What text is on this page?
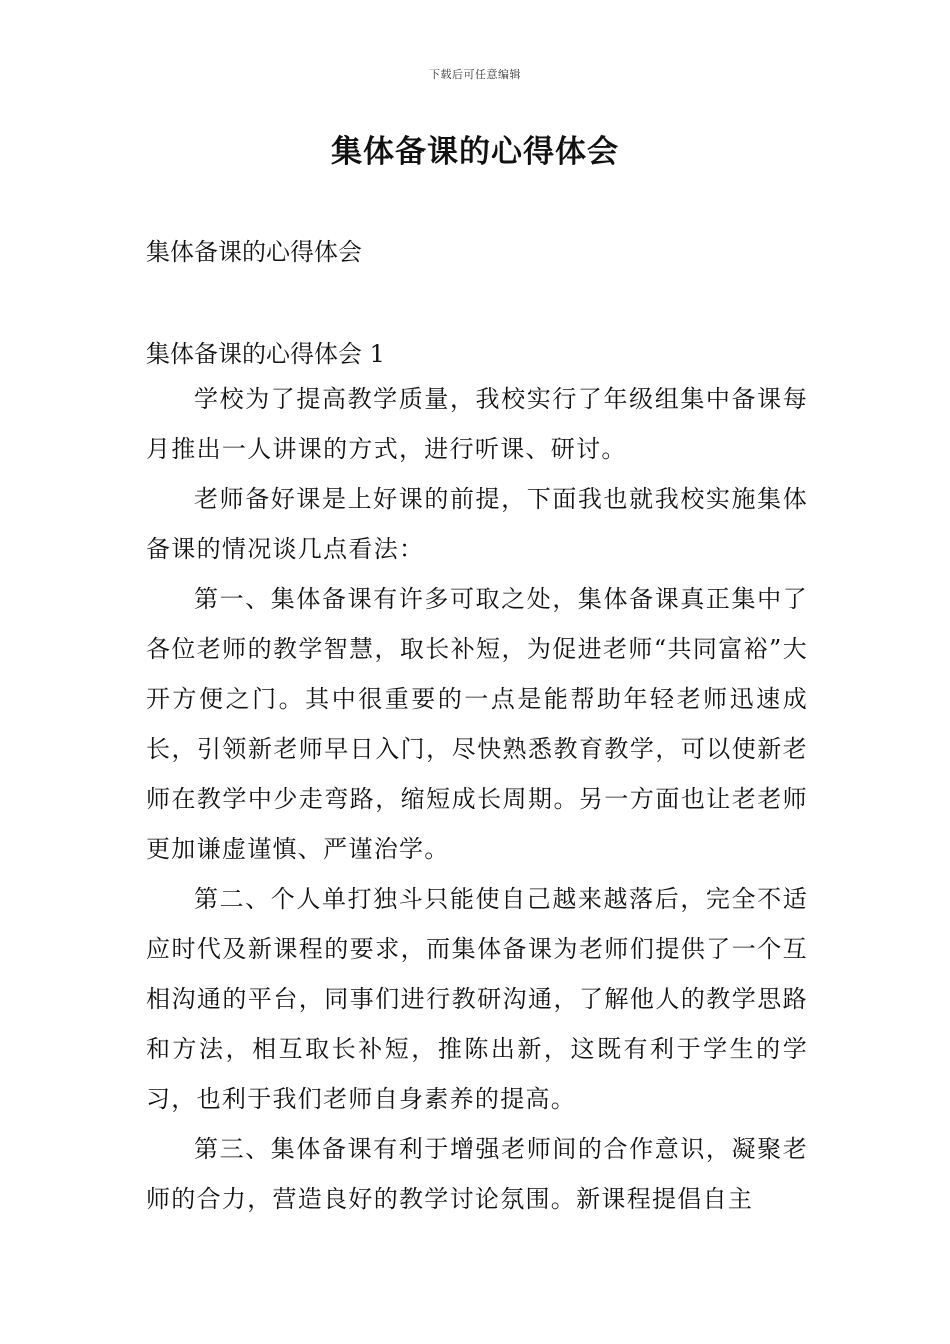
下载后可任意编辑
集体备课的心得体会
集体备课的心得体会
集体备课的心得体会 1

学校为了提高教学质量，我校实行了年级组集中备课每月推出一人讲课的方式，进行听课、研讨。

老师备好课是上好课的前提，下面我也就我校实施集体备课的情况谈几点看法：

第一、集体备课有许多可取之处，集体备课真正集中了各位老师的教学智慧，取长补短，为促进老师“共同富裕”大开方便之门。其中很重要的一点是能帮助年轻老师迅速成长，引领新老师早日入门，尽快熟悉教育教学，可以使新老师在教学中少走弯路，缩短成长周期。另一方面也让老老师更加谦虚谨慎、严谨治学。

第二、个人单打独斗只能使自己越来越落后，完全不适应时代及新课程的要求，而集体备课为老师们提供了一个互相沟通的平台，同事们进行教研沟通，了解他人的教学思路和方法，相互取长补短，推陈出新，这既有利于学生的学习，也利于我们老师自身素养的提高。

第三、集体备课有利于增强老师间的合作意识，凝聚老师的合力，营造良好的教学讨论氛围。新课程提倡自主
